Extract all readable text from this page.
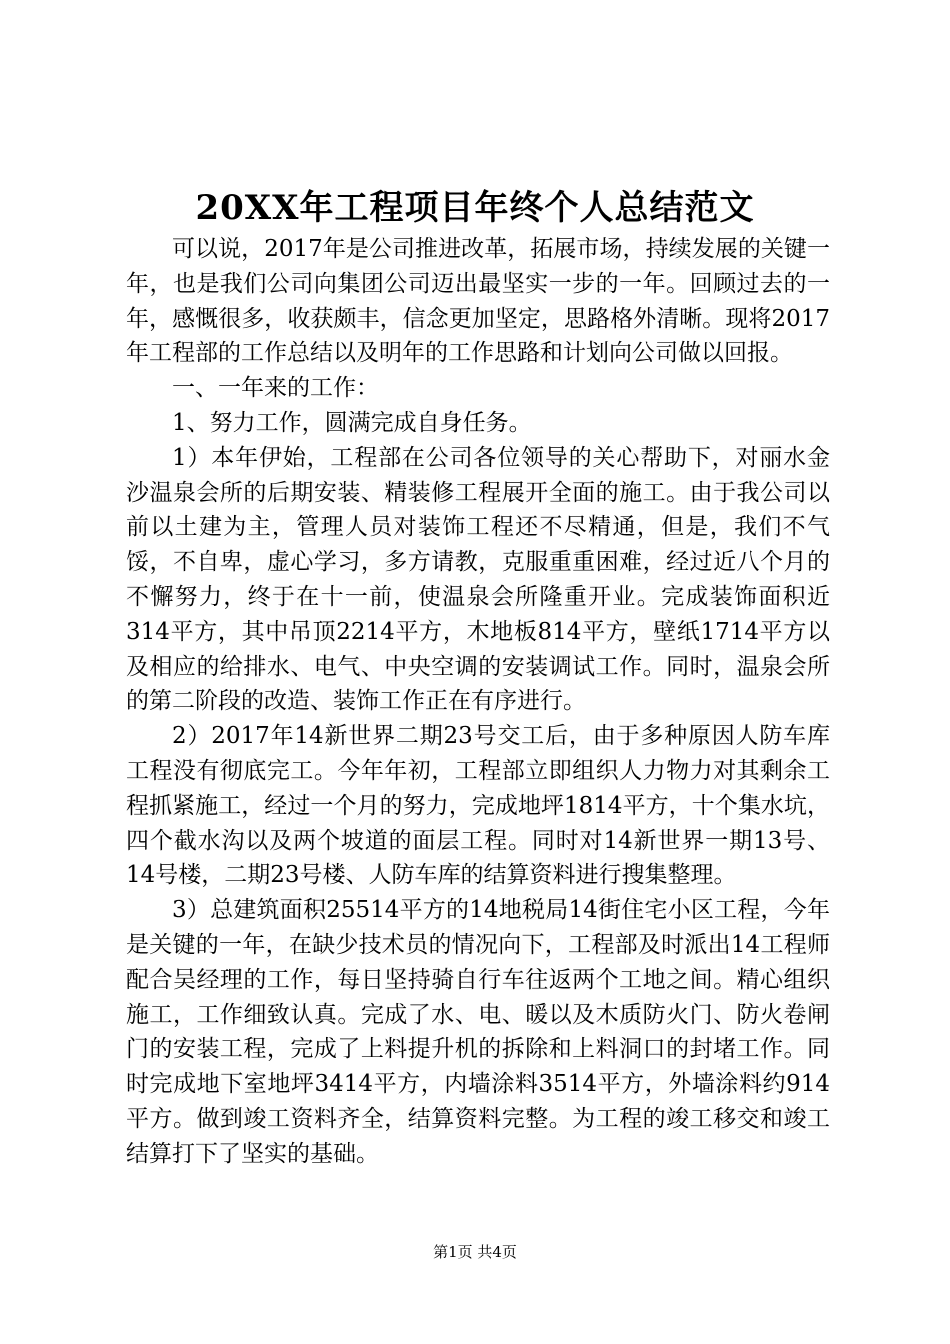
20XX年工程项目年终个人总结范文

可以说，2017年是公司推进改革，拓展市场，持续发展的关键一年，也是我们公司向集团公司迈出最坚实一步的一年。回顾过去的一年，感慨很多，收获颇丰，信念更加坚定，思路格外清晰。现将2017年工程部的工作总结以及明年的工作思路和计划向公司做以回报。

一、一年来的工作：

1、努力工作，圆满完成自身任务。

1）本年伊始，工程部在公司各位领导的关心帮助下，对丽水金沙温泉会所的后期安装、精装修工程展开全面的施工。由于我公司以前以土建为主，管理人员对装饰工程还不尽精通，但是，我们不气馁，不自卑，虚心学习，多方请教，克服重重困难，经过近八个月的不懈努力，终于在十一前，使温泉会所隆重开业。完成装饰面积近314平方，其中吊顶2214平方，木地板814平方，壁纸1714平方以及相应的给排水、电气、中央空调的安装调试工作。同时，温泉会所的第二阶段的改造、装饰工作正在有序进行。

2）2017年14新世界二期23号交工后，由于多种原因人防车库工程没有彻底完工。今年年初，工程部立即组织人力物力对其剩余工程抓紧施工，经过一个月的努力，完成地坪1814平方，十个集水坑，四个截水沟以及两个坡道的面层工程。同时对14新世界一期13号、14号楼，二期23号楼、人防车库的结算资料进行搜集整理。

3）总建筑面积25514平方的14地税局14街住宅小区工程，今年是关键的一年，在缺少技术员的情况向下，工程部及时派出14工程师配合吴经理的工作，每日坚持骑自行车往返两个工地之间。精心组织施工，工作细致认真。完成了水、电、暖以及木质防火门、防火卷闸门的安装工程，完成了上料提升机的拆除和上料洞口的封堵工作。同时完成地下室地坪3414平方，内墙涂料3514平方，外墙涂料约914平方。做到竣工资料齐全，结算资料完整。为工程的竣工移交和竣工结算打下了坚实的基础。

第1页 共4页
